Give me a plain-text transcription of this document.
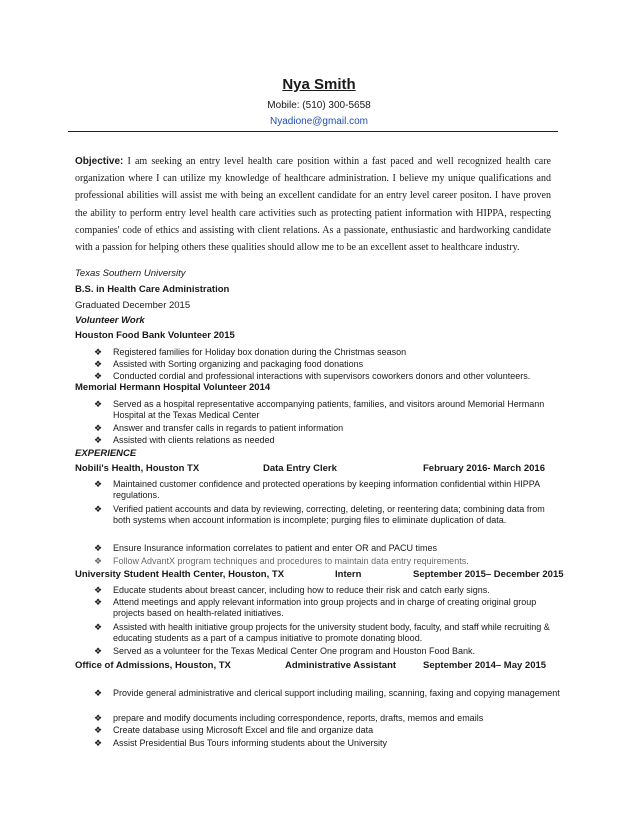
Nya Smith
Mobile: (510) 300-5658
Nyadione@gmail.com
Objective: I am seeking an entry level health care position within a fast paced and well recognized health care organization where I can utilize my knowledge of healthcare administration. I believe my unique qualifications and professional abilities will assist me with being an excellent candidate for an entry level career positon. I have proven the ability to perform entry level health care activities such as protecting patient information with HIPPA, respecting companies' code of ethics and assisting with client relations. As a passionate, enthusiastic and hardworking candidate with a passion for helping others these qualities should allow me to be an excellent asset to healthcare industry.
Texas Southern University
B.S. in Health Care Administration
Graduated December 2015
Volunteer Work
Houston Food Bank Volunteer 2015
❖ Registered families for Holiday box donation during the Christmas season
❖ Assisted with Sorting organizing and packaging food donations
❖ Conducted cordial and professional interactions with supervisors coworkers donors and other volunteers.
Memorial Hermann Hospital Volunteer 2014
❖ Served as a hospital representative accompanying patients, families, and visitors around Memorial Hermann Hospital at the Texas Medical Center
❖ Answer and transfer calls in regards to patient information
❖ Assisted with clients relations as needed
EXPERIENCE
Nobili's Health, Houston TX	Data Entry Clerk	February 2016- March 2016
❖ Maintained customer confidence and protected operations by keeping information confidential within HIPPA regulations.
❖ Verified patient accounts and data by reviewing, correcting, deleting, or reentering data; combining data from both systems when account information is incomplete; purging files to eliminate duplication of data.
❖ Ensure Insurance information correlates to patient and enter OR and PACU times
❖ Follow AdvantX program techniques and procedures to maintain data entry requirements.
University Student Health Center, Houston, TX	Intern	September 2015– December 2015
❖ Educate students about breast cancer, including how to reduce their risk and catch early signs.
❖ Attend meetings and apply relevant information into group projects and in charge of creating original group projects based on health-related initiatives.
❖ Assisted with health initiative group projects for the university student body, faculty, and staff while recruiting & educating students as a part of a campus initiative to promote donating blood.
❖ Served as a volunteer for the Texas Medical Center One program and Houston Food Bank.
Office of Admissions, Houston, TX	Administrative Assistant	September 2014– May 2015
❖ Provide general administrative and clerical support including mailing, scanning, faxing and copying management
❖ prepare and modify documents including correspondence, reports, drafts, memos and emails
❖ Create database using Microsoft Excel and file and organize data
❖ Assist Presidential Bus Tours informing students about the University
